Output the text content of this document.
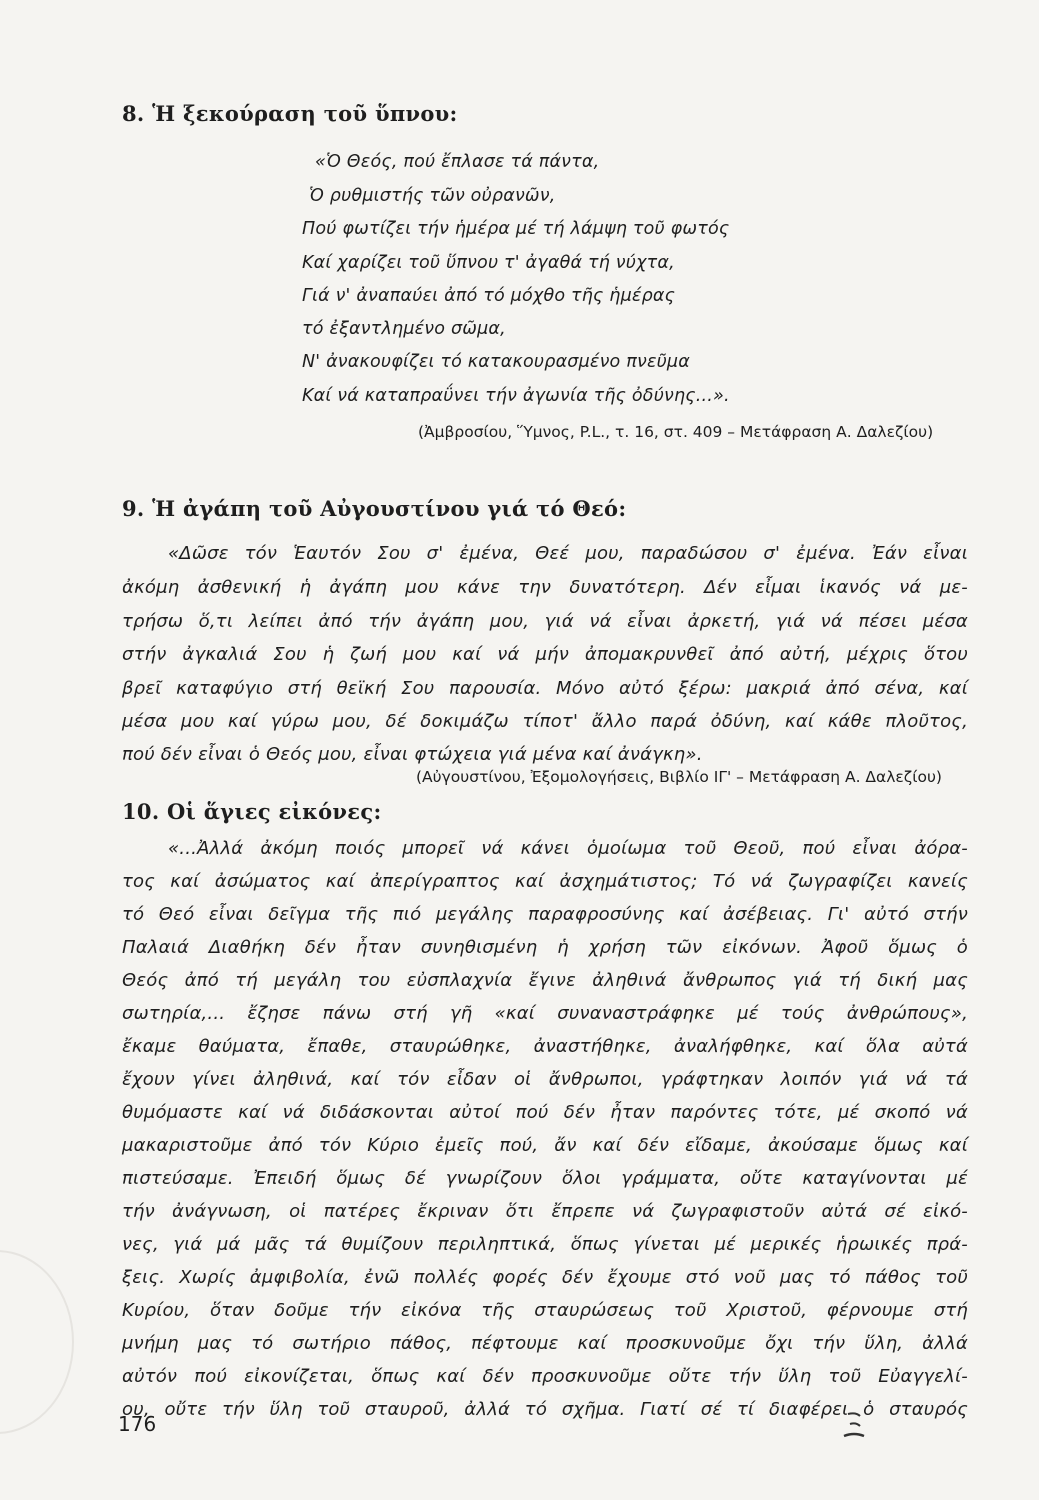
8. Ἡ ξεκούραση τοῦ ὕπνου:
«Ὁ Θεός, πού ἔπλασε τά πάντα,
Ὁ ρυθμιστής τῶν οὐρανῶν,
Πού φωτίζει τήν ἡμέρα μέ τή λάμψη τοῦ φωτός
Καί χαρίζει τοῦ ὕπνου τ' ἀγαθά τή νύχτα,
Γιά ν' ἀναπαύει ἀπό τό μόχθο τῆς ἡμέρας
τό ἐξαντλημένο σῶμα,
Ν' ἀνακουφίζει τό κατακουρασμένο πνεῦμα
Καί νά καταπραΰνει τήν ἀγωνία τῆς ὀδύνης...».
(Ἀμβροσίου, Ὕμνος, P.L., τ. 16, στ. 409 – Μετάφραση Α. Δαλεζίου)
9. Ἡ ἀγάπη τοῦ Αὐγουστίνου γιά τό Θεό:
«Δῶσε τόν Ἑαυτόν Σου σ' ἐμένα, Θεέ μου, παραδώσου σ' ἐμένα. Ἐάν εἶναι
ἀκόμη ἀσθενική ἡ ἀγάπη μου κάνε την δυνατότερη. Δέν εἶμαι ἱκανός νά με-
τρήσω ὅ,τι λείπει ἀπό τήν ἀγάπη μου, γιά νά εἶναι ἀρκετή, γιά νά πέσει μέσα
στήν ἀγκαλιά Σου ἡ ζωή μου καί νά μήν ἀπομακρυνθεῖ ἀπό αὐτή, μέχρις ὅτου
βρεῖ καταφύγιο στή θεϊκή Σου παρουσία. Μόνο αὐτό ξέρω: μακριά ἀπό σένα, καί
μέσα μου καί γύρω μου, δέ δοκιμάζω τίποτ' ἄλλο παρά ὀδύνη, καί κάθε πλοῦτος,
πού δέν εἶναι ὁ Θεός μου, εἶναι φτώχεια γιά μένα καί ἀνάγκη».
(Αὐγουστίνου, Ἐξομολογήσεις, Βιβλίο ΙΓ' – Μετάφραση Α. Δαλεζίου)
10. Οἱ ἅγιες εἰκόνες:
«...Ἀλλά ἀκόμη ποιός μπορεῖ νά κάνει ὁμοίωμα τοῦ Θεοῦ, πού εἶναι ἀόρα-
τος καί ἀσώματος καί ἀπερίγραπτος καί ἀσχημάτιστος; Τό νά ζωγραφίζει κανείς
τό Θεό εἶναι δεῖγμα τῆς πιό μεγάλης παραφροσύνης καί ἀσέβειας. Γι' αὐτό στήν
Παλαιά Διαθήκη δέν ἦταν συνηθισμένη ἡ χρήση τῶν εἰκόνων. Ἀφοῦ ὅμως ὁ
Θεός ἀπό τή μεγάλη του εὐσπλαχνία ἔγινε ἀληθινά ἄνθρωπος γιά τή δική μας
σωτηρία,... ἔζησε πάνω στή γῆ «καί συναναστράφηκε μέ τούς ἀνθρώπους»,
ἔκαμε θαύματα, ἔπαθε, σταυρώθηκε, ἀναστήθηκε, ἀναλήφθηκε, καί ὅλα αὐτά
ἔχουν γίνει ἀληθινά, καί τόν εἶδαν οἱ ἄνθρωποι, γράφτηκαν λοιπόν γιά νά τά
θυμόμαστε καί νά διδάσκονται αὐτοί πού δέν ἦταν παρόντες τότε, μέ σκοπό νά
μακαριστοῦμε ἀπό τόν Κύριο ἐμεῖς πού, ἄν καί δέν εἴδαμε, ἀκούσαμε ὅμως καί
πιστεύσαμε. Ἐπειδή ὅμως δέ γνωρίζουν ὅλοι γράμματα, οὔτε καταγίνονται μέ
τήν ἀνάγνωση, οἱ πατέρες ἔκριναν ὅτι ἔπρεπε νά ζωγραφιστοῦν αὐτά σέ εἰκό-
νες, γιά μά μᾶς τά θυμίζουν περιληπτικά, ὅπως γίνεται μέ μερικές ἡρωικές πρά-
ξεις. Χωρίς ἀμφιβολία, ἐνῶ πολλές φορές δέν ἔχουμε στό νοῦ μας τό πάθος τοῦ
Κυρίου, ὅταν δοῦμε τήν εἰκόνα τῆς σταυρώσεως τοῦ Χριστοῦ, φέρνουμε στή
μνήμη μας τό σωτήριο πάθος, πέφτουμε καί προσκυνοῦμε ὄχι τήν ὕλη, ἀλλά
αὐτόν πού εἰκονίζεται, ὅπως καί δέν προσκυνοῦμε οὔτε τήν ὕλη τοῦ Εὐαγγελί-
ου, οὔτε τήν ὕλη τοῦ σταυροῦ, ἀλλά τό σχῆμα. Γιατί σέ τί διαφέρει ὁ σταυρός
176
